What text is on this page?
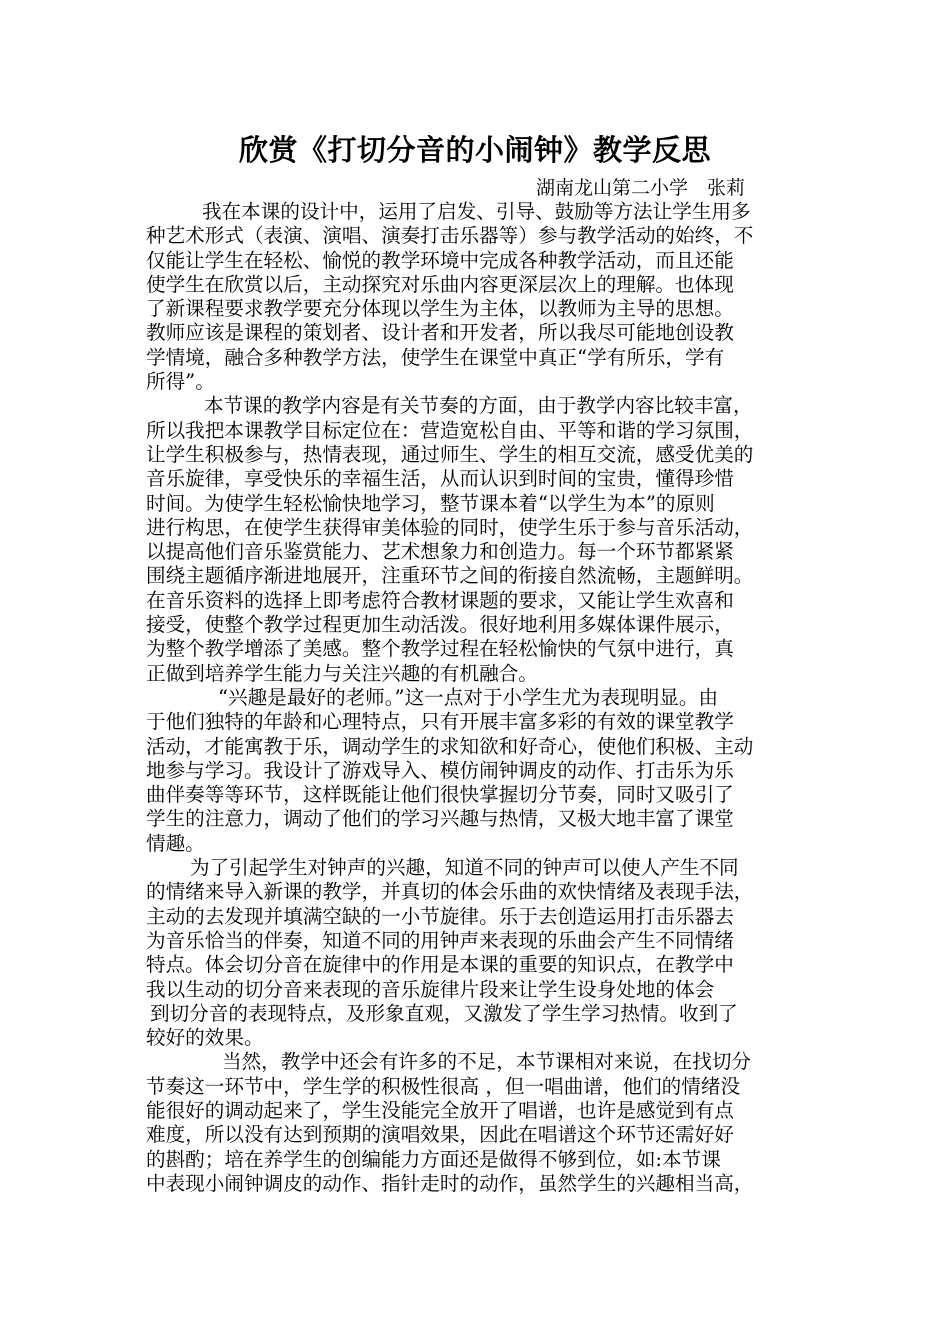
欣赏《打切分音的小闹钟》教学反思
湖南龙山第二小学　张莉
我在本课的设计中，运用了启发、引导、鼓励等方法让学生用多
种艺术形式（表演、演唱、演奏打击乐器等）参与教学活动的始终，不
仅能让学生在轻松、愉悦的教学环境中完成各种教学活动，而且还能
使学生在欣赏以后，主动探究对乐曲内容更深层次上的理解。也体现
了新课程要求教学要充分体现以学生为主体，以教师为主导的思想。
教师应该是课程的策划者、设计者和开发者，所以我尽可能地创设教
学情境，融合多种教学方法，使学生在课堂中真正“学有所乐，学有
所得”。
本节课的教学内容是有关节奏的方面，由于教学内容比较丰富，
所以我把本课教学目标定位在：营造宽松自由、平等和谐的学习氛围，
让学生积极参与，热情表现，通过师生、学生的相互交流，感受优美的
音乐旋律，享受快乐的幸福生活，从而认识到时间的宝贵，懂得珍惜
时间。为使学生轻松愉快地学习，整节课本着“以学生为本”的原则
进行构思，在使学生获得审美体验的同时，使学生乐于参与音乐活动，
以提高他们音乐鉴赏能力、艺术想象力和创造力。每一个环节都紧紧
围绕主题循序渐进地展开，注重环节之间的衔接自然流畅，主题鲜明。
在音乐资料的选择上即考虑符合教材课题的要求，又能让学生欢喜和
接受，使整个教学过程更加生动活泼。很好地利用多媒体课件展示，
为整个教学增添了美感。整个教学过程在轻松愉快的气氛中进行，真
正做到培养学生能力与关注兴趣的有机融合。
“兴趣是最好的老师。”这一点对于小学生尤为表现明显。由
于他们独特的年龄和心理特点，只有开展丰富多彩的有效的课堂教学
活动，才能寓教于乐，调动学生的求知欲和好奇心，使他们积极、主动
地参与学习。我设计了游戏导入、模仿闹钟调皮的动作、打击乐为乐
曲伴奏等等环节，这样既能让他们很快掌握切分节奏，同时又吸引了
学生的注意力，调动了他们的学习兴趣与热情，又极大地丰富了课堂
情趣。
为了引起学生对钟声的兴趣，知道不同的钟声可以使人产生不同
的情绪来导入新课的教学，并真切的体会乐曲的欢快情绪及表现手法，
主动的去发现并填满空缺的一小节旋律。乐于去创造运用打击乐器去
为音乐恰当的伴奏，知道不同的用钟声来表现的乐曲会产生不同情绪
特点。体会切分音在旋律中的作用是本课的重要的知识点，在教学中
我以生动的切分音来表现的音乐旋律片段来让学生设身处地的体会
到切分音的表现特点，及形象直观，又激发了学生学习热情。收到了
较好的效果。
当然，教学中还会有许多的不足，本节课相对来说，在找切分
节奏这一环节中，学生学的积极性很高 ，但一唱曲谱，他们的情绪没
能很好的调动起来了，学生没能完全放开了唱谱，也许是感觉到有点
难度，所以没有达到预期的演唱效果，因此在唱谱这个环节还需好好
的斟酌；培在养学生的创编能力方面还是做得不够到位，如:本节课
中表现小闹钟调皮的动作、指针走时的动作，虽然学生的兴趣相当高，
